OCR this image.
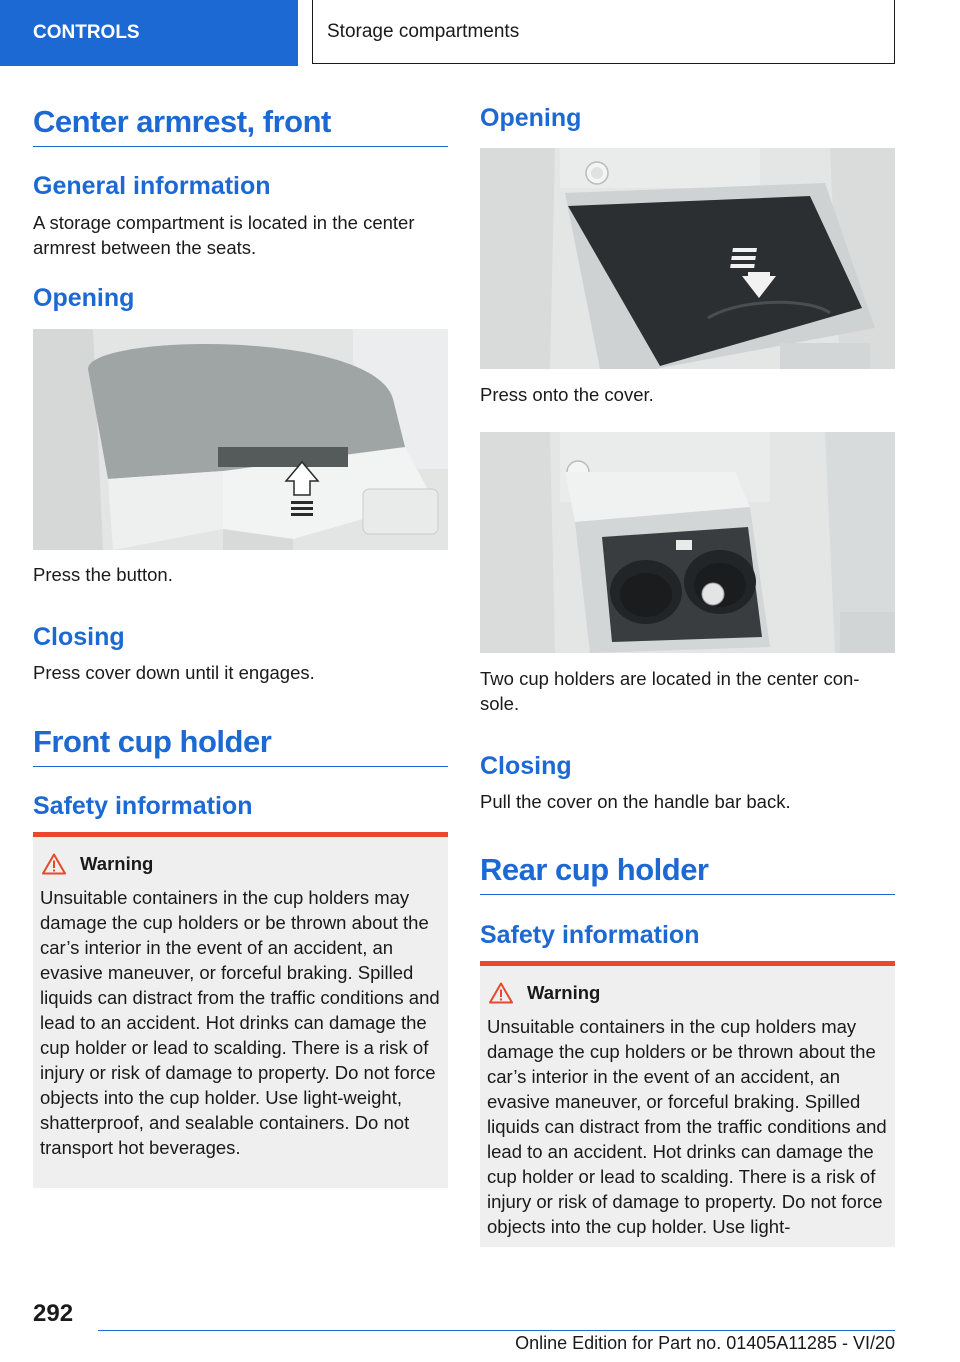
CONTROLS	Storage compartments
Center armrest, front
General information
A storage compartment is located in the center armrest between the seats.
Opening
Press the button.
Closing
Press cover down until it engages.
Front cup holder
Safety information
Warning
Unsuitable containers in the cup holders may damage the cup holders or be thrown about the car’s interior in the event of an accident, an evasive maneuver, or forceful braking. Spilled liquids can distract from the traffic conditions and lead to an accident. Hot drinks can damage the cup holder or lead to scalding. There is a risk of injury or risk of damage to property. Do not force objects into the cup holder. Use light‐weight, shatterproof, and sealable containers. Do not transport hot beverages.
Opening
Press onto the cover.
Two cup holders are located in the center con‐sole.
Closing
Pull the cover on the handle bar back.
Rear cup holder
Safety information
Warning
Unsuitable containers in the cup holders may damage the cup holders or be thrown about the car’s interior in the event of an accident, an evasive maneuver, or forceful braking. Spilled liquids can distract from the traffic conditions and lead to an accident. Hot drinks can damage the cup holder or lead to scalding. There is a risk of injury or risk of damage to property. Do not force objects into the cup holder. Use light‐
292
Online Edition for Part no. 01405A11285 - VI/20
